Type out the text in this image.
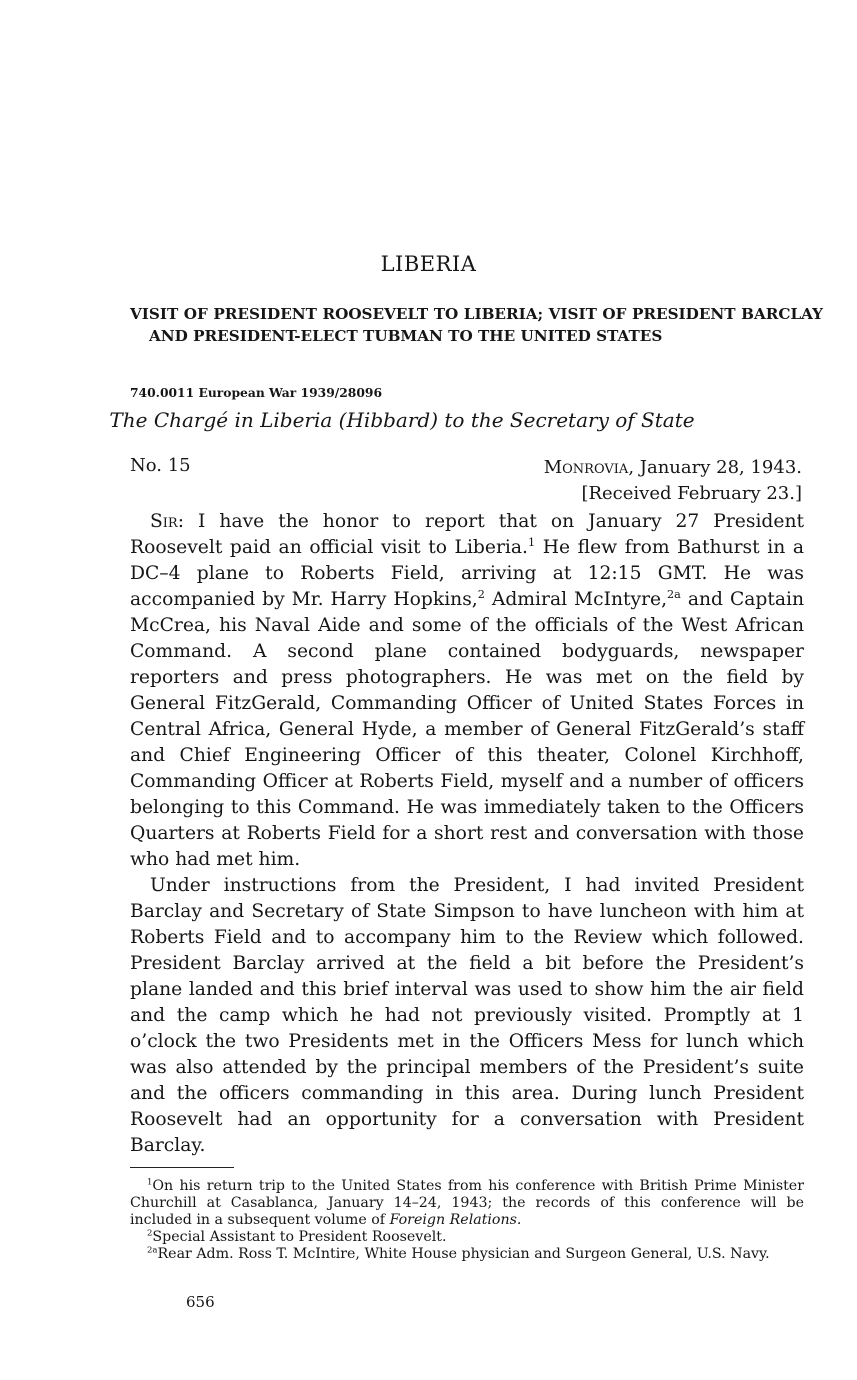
LIBERIA
VISIT OF PRESIDENT ROOSEVELT TO LIBERIA; VISIT OF PRESIDENT BARCLAY AND PRESIDENT-ELECT TUBMAN TO THE UNITED STATES
740.0011 European War 1939/28096
The Chargé in Liberia (Hibbard) to the Secretary of State
No. 15	Monrovia, January 28, 1943.
[Received February 23.]

Sir: I have the honor to report that on January 27 President Roosevelt paid an official visit to Liberia.$^1$ He flew from Bathurst in a DC–4 plane to Roberts Field, arriving at 12:15 GMT. He was accompanied by Mr. Harry Hopkins,$^2$ Admiral McIntyre,$^{2a}$ and Captain McCrea, his Naval Aide and some of the officials of the West African Command. A second plane contained bodyguards, newspaper reporters and press photographers. He was met on the field by General FitzGerald, Commanding Officer of United States Forces in Central Africa, General Hyde, a member of General FitzGerald’s staff and Chief Engineering Officer of this theater, Colonel Kirchhoff, Commanding Officer at Roberts Field, myself and a number of officers belonging to this Command. He was immediately taken to the Officers Quarters at Roberts Field for a short rest and conversation with those who had met him.

Under instructions from the President, I had invited President Barclay and Secretary of State Simpson to have luncheon with him at Roberts Field and to accompany him to the Review which followed. President Barclay arrived at the field a bit before the President’s plane landed and this brief interval was used to show him the air field and the camp which he had not previously visited. Promptly at 1 o’clock the two Presidents met in the Officers Mess for lunch which was also attended by the principal members of the President’s suite and the officers commanding in this area. During lunch President Roosevelt had an opportunity for a conversation with President Barclay.

$^1$On his return trip to the United States from his conference with British Prime Minister Churchill at Casablanca, January 14–24, 1943; the records of this conference will be included in a subsequent volume of Foreign Relations.

$^2$Special Assistant to President Roosevelt.

$^{2a}$Rear Adm. Ross T. McIntire, White House physician and Surgeon General, U.S. Navy.

656
